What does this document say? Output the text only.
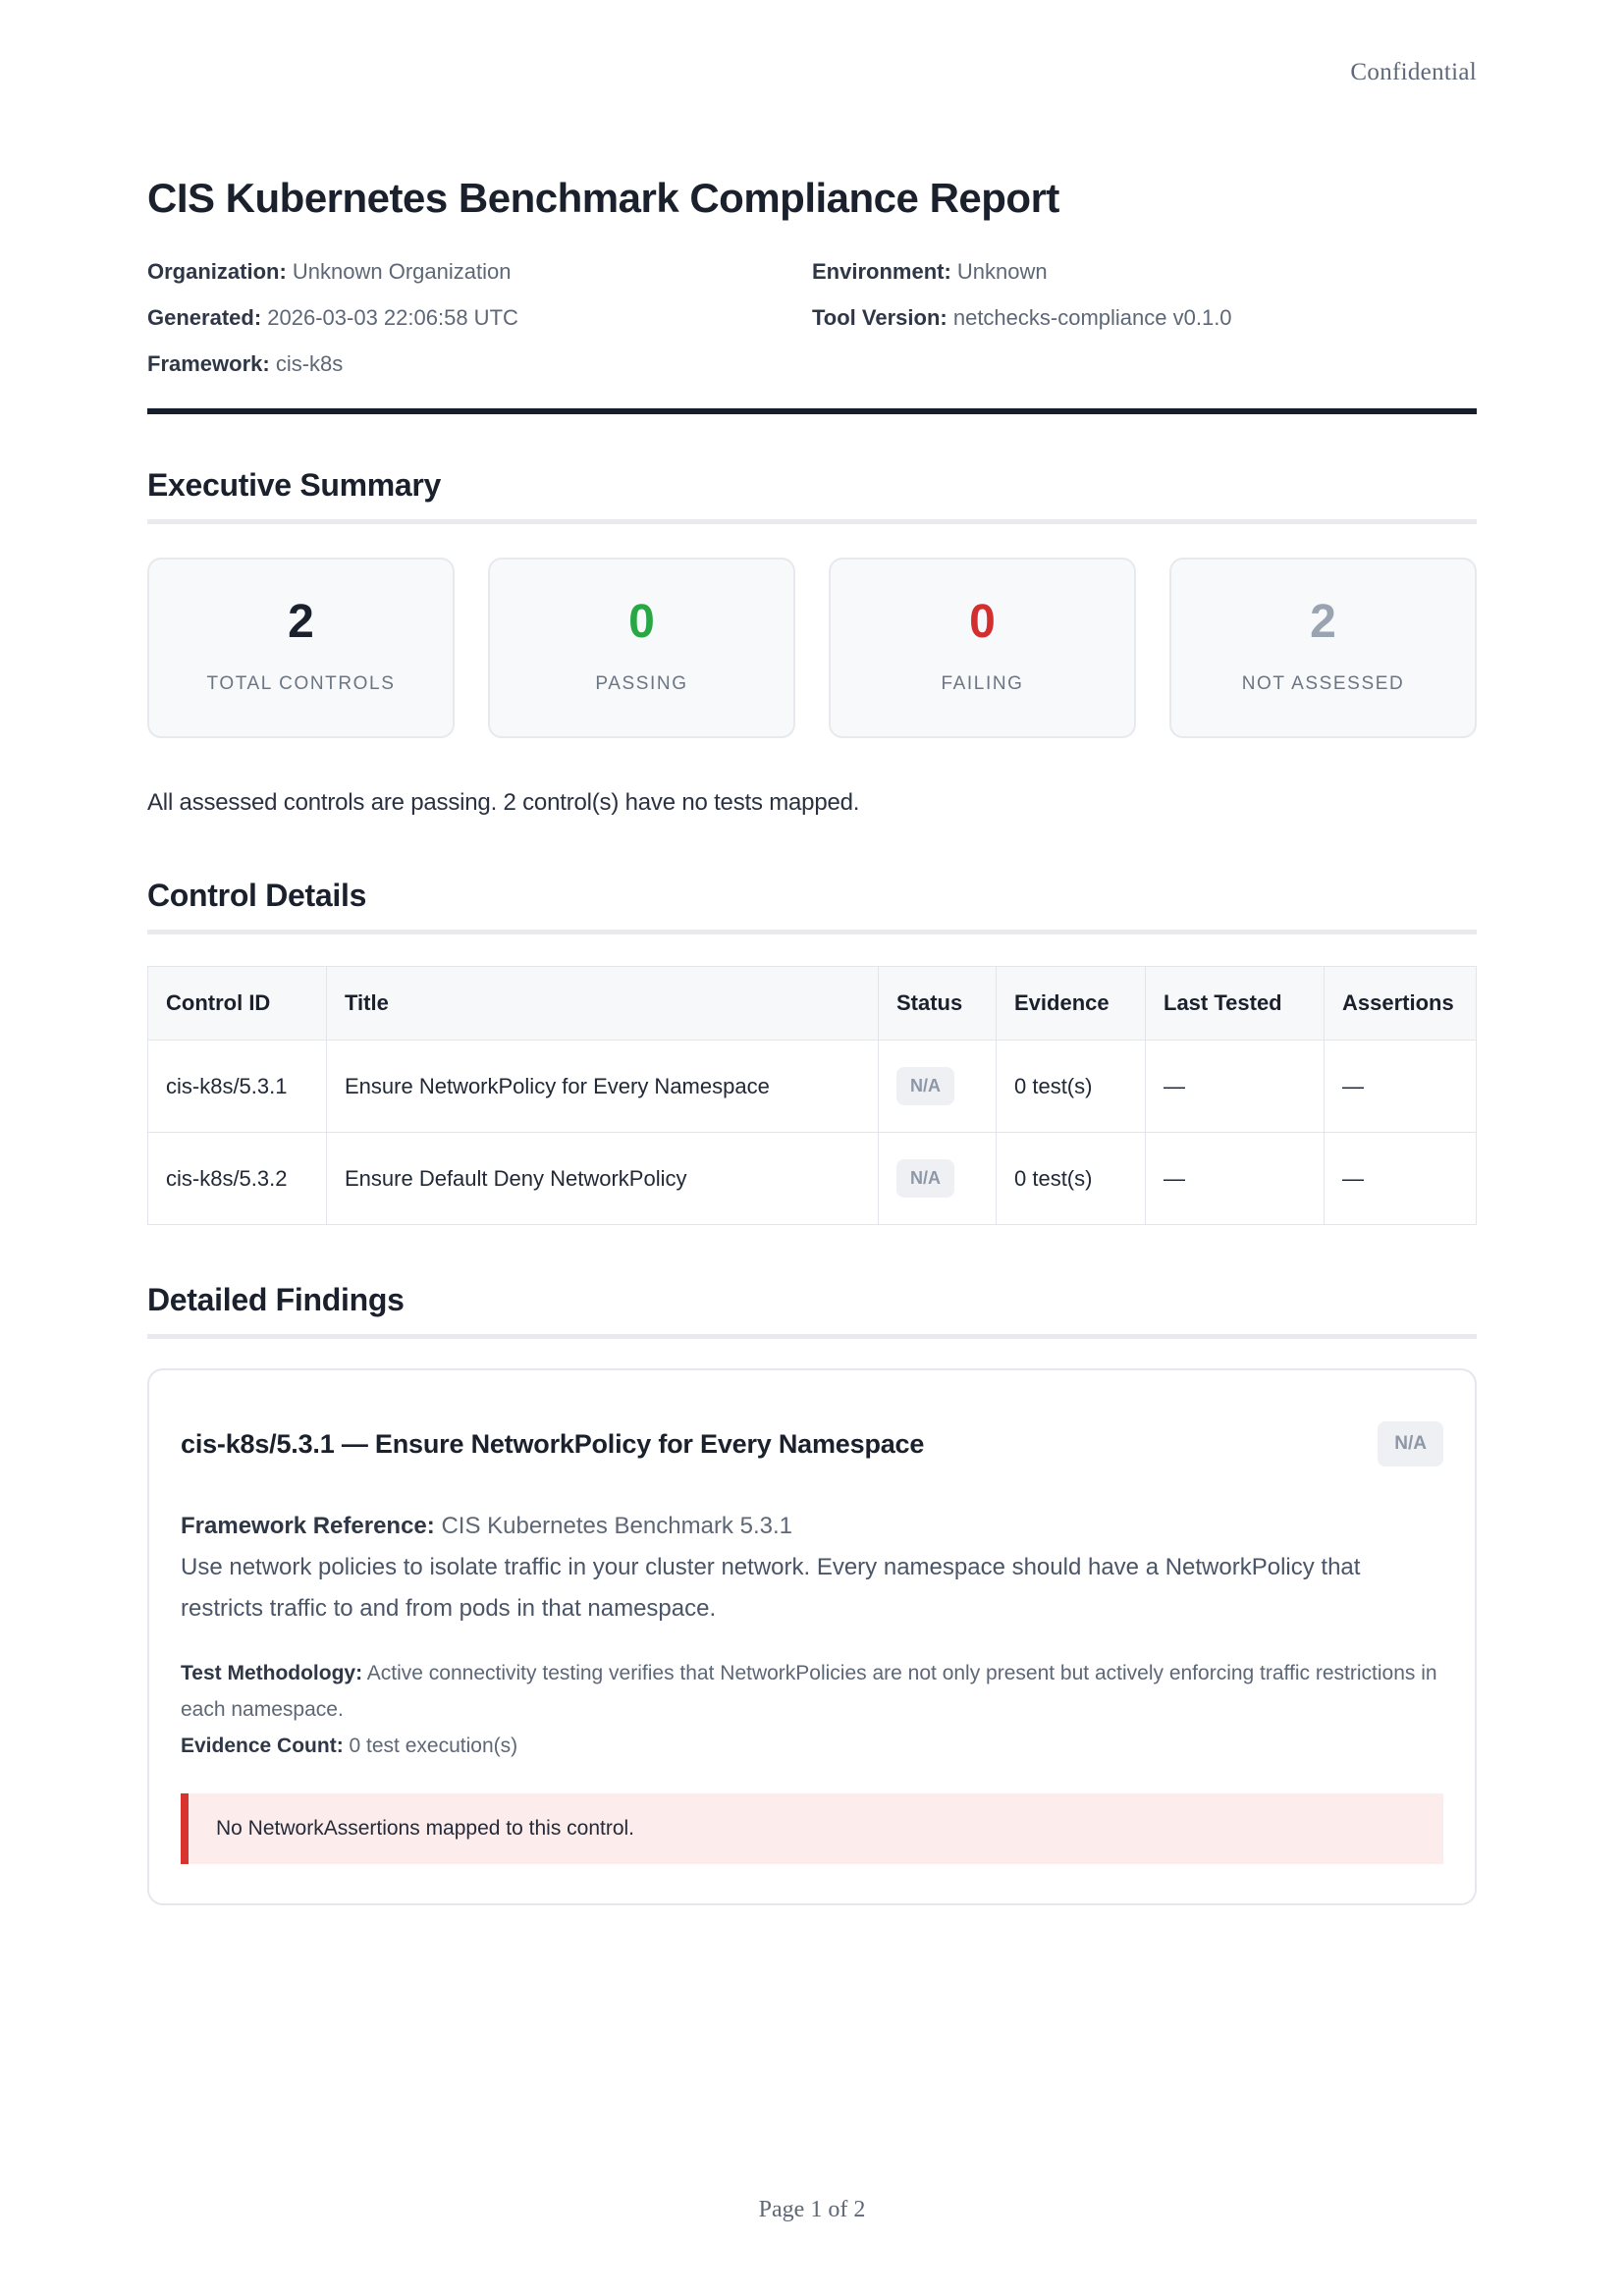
Confidential
CIS Kubernetes Benchmark Compliance Report
Organization: Unknown Organization
Generated: 2026-03-03 22:06:58 UTC
Framework: cis-k8s
Environment: Unknown
Tool Version: netchecks-compliance v0.1.0
Executive Summary
2
TOTAL CONTROLS
0
PASSING
0
FAILING
2
NOT ASSESSED

All assessed controls are passing. 2 control(s) have no tests mapped.

Control Details
Control ID	Title	Status	Evidence	Last Tested	Assertions
cis-k8s/5.3.1	Ensure NetworkPolicy for Every Namespace	N/A	0 test(s)	—	—
cis-k8s/5.3.2	Ensure Default Deny NetworkPolicy	N/A	0 test(s)	—	—
Detailed Findings
cis-k8s/5.3.1 — Ensure NetworkPolicy for Every Namespace	N/A
Framework Reference: CIS Kubernetes Benchmark 5.3.1
Use network policies to isolate traffic in your cluster network. Every namespace should have a NetworkPolicy that restricts traffic to and from pods in that namespace.
Test Methodology: Active connectivity testing verifies that NetworkPolicies are not only present but actively enforcing traffic restrictions in each namespace.
Evidence Count: 0 test execution(s)
No NetworkAssertions mapped to this control.
Page 1 of 2
